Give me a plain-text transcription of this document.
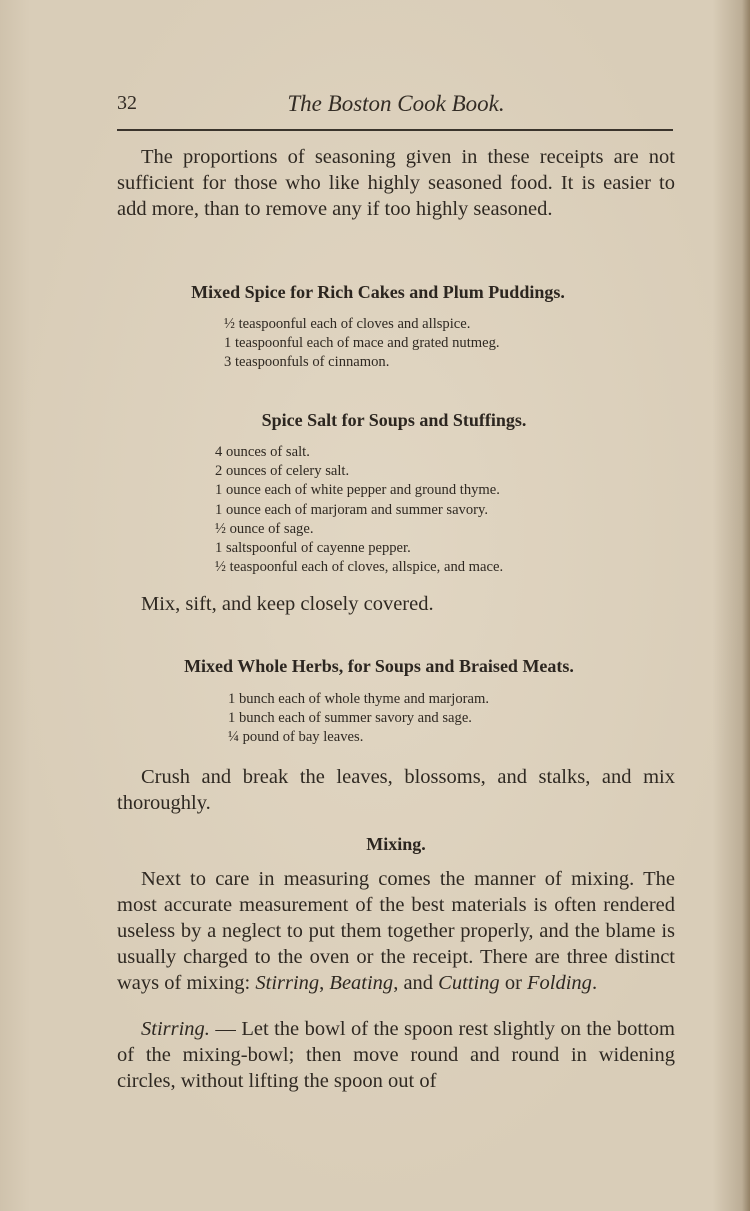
32	The Boston Cook Book.

The proportions of seasoning given in these receipts are not sufficient for those who like highly seasoned food. It is easier to add more, than to remove any if too highly seasoned.

Mixed Spice for Rich Cakes and Plum Puddings.
½ teaspoonful each of cloves and allspice.
1 teaspoonful each of mace and grated nutmeg.
3 teaspoonfuls of cinnamon.
Spice Salt for Soups and Stuffings.
4 ounces of salt.
2 ounces of celery salt.
1 ounce each of white pepper and ground thyme.
1 ounce each of marjoram and summer savory.
½ ounce of sage.
1 saltspoonful of cayenne pepper.
½ teaspoonful each of cloves, allspice, and mace.

Mix, sift, and keep closely covered.

Mixed Whole Herbs, for Soups and Braised Meats.
1 bunch each of whole thyme and marjoram.
1 bunch each of summer savory and sage.
¼ pound of bay leaves.

Crush and break the leaves, blossoms, and stalks, and mix thoroughly.

Mixing.

Next to care in measuring comes the manner of mixing. The most accurate measurement of the best materials is often rendered useless by a neglect to put them together properly, and the blame is usually charged to the oven or the receipt. There are three distinct ways of mixing: Stirring, Beating, and Cutting or Folding.

Stirring. — Let the bowl of the spoon rest slightly on the bottom of the mixing-bowl; then move round and round in widening circles, without lifting the spoon out of
